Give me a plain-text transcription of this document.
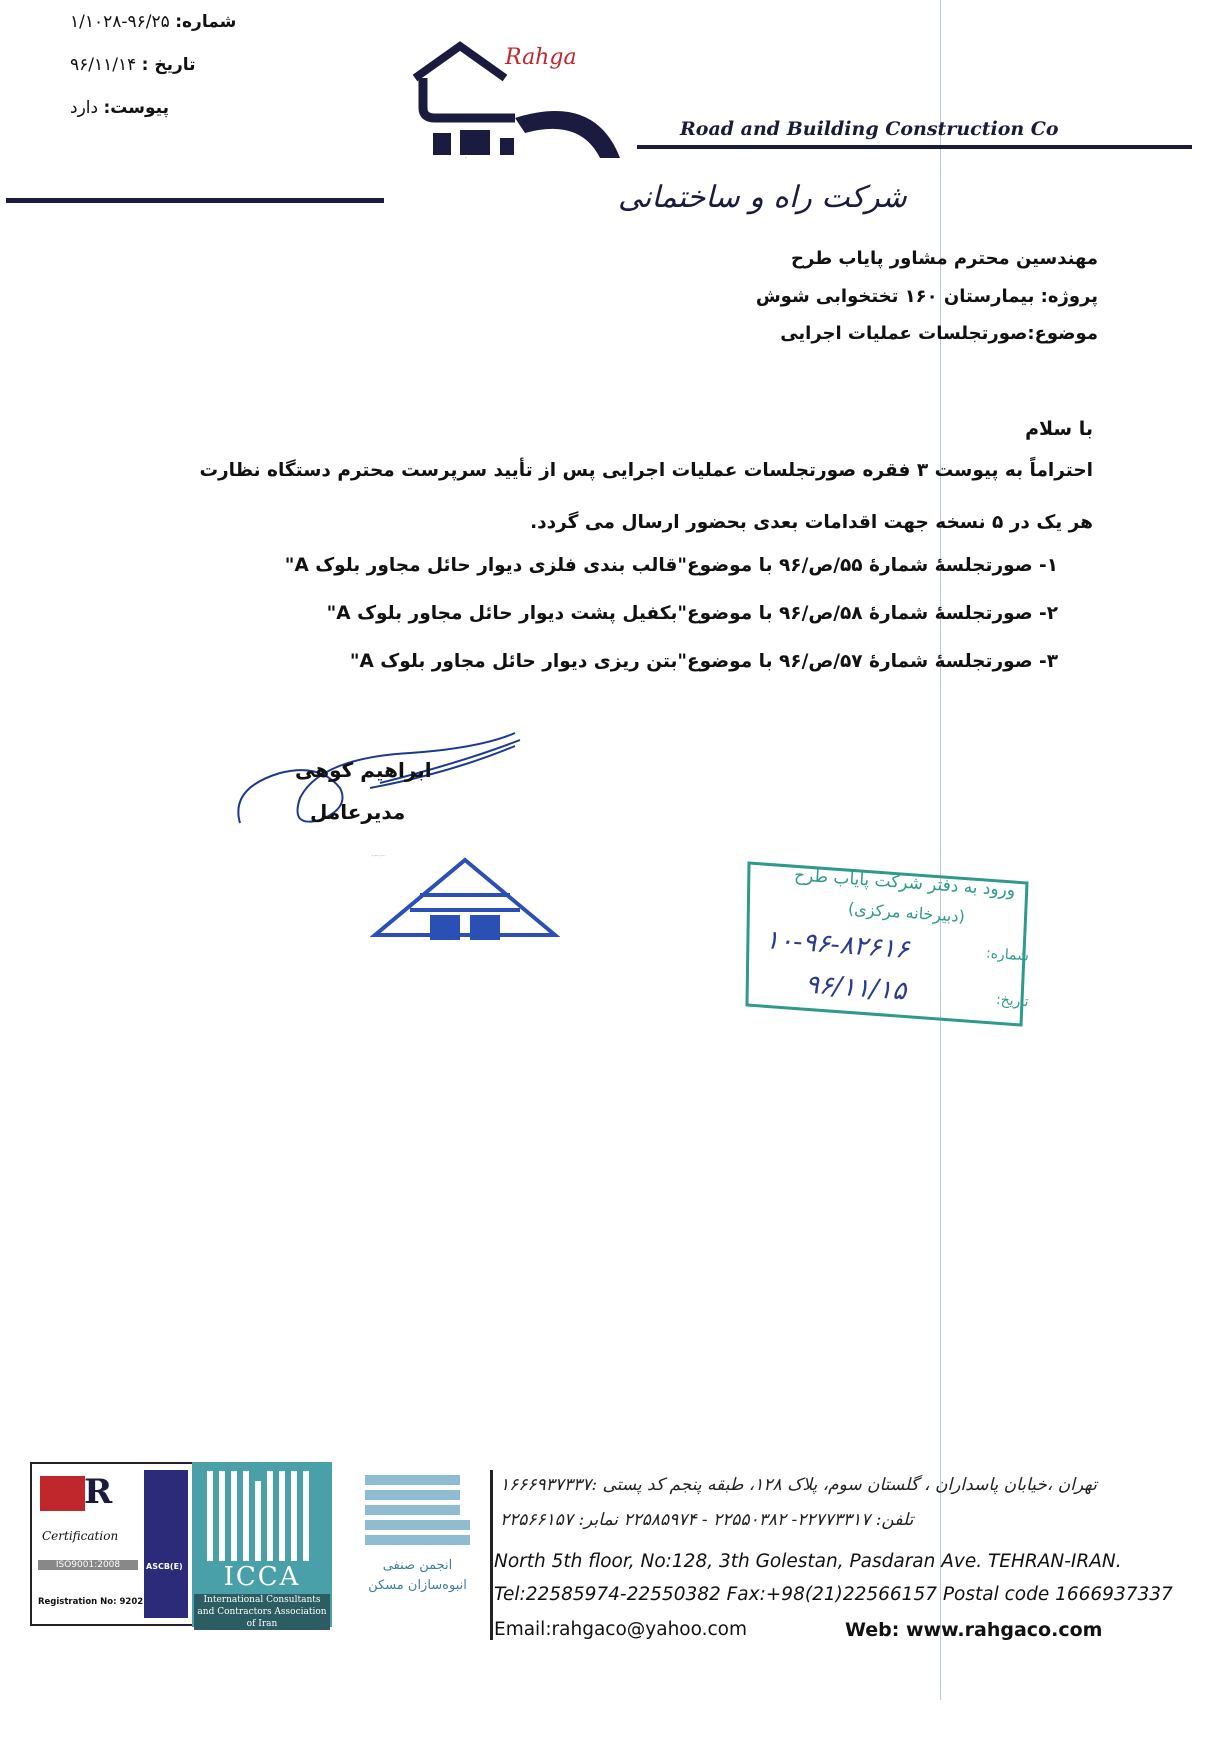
شماره: ۹۶/۲۵-۱/۱۰۲۸
تاریخ : ۹۶/۱۱/۱۴
پیوست: دارد
رهگا
Rahga
Road and Building Construction Co
شرکت راه و ساختمانی
مهندسین محترم مشاور پایاب طرح
پروژه: بیمارستان ۱۶۰ تختخوابی شوش
موضوع:صورتجلسات عملیات اجرایی
با سلام
احتراماً به پیوست ۳ فقره صورتجلسات عملیات اجرایی پس از تأیید سرپرست محترم دستگاه نظارت
هر یک در ۵ نسخه جهت اقدامات بعدی بحضور ارسال می گردد.
۱- صورتجلسهٔ شمارهٔ ۵۵/ص/۹۶ با موضوع"قالب بندی فلزی دیوار حائل مجاور بلوک A"
۲- صورتجلسهٔ شمارهٔ ۵۸/ص/۹۶ با موضوع"بکفیل پشت دیوار حائل مجاور بلوک A"
۳- صورتجلسهٔ شمارهٔ ۵۷/ص/۹۶ با موضوع"بتن ریزی دیوار حائل مجاور بلوک A"
ابراهیم کوهی
مدیرعامل
شرکت مهندسی رهگا سهامی خاص
ورود به دفتر شرکت پایاب طرح
(دبیرخانه مرکزی)
شماره:
۱۰-۹۶-۸۲۶۱۶
تاریخ:
۹۶/۱۱/۱۵
R
Certification
ISO9001:2008
Registration No: 9202
ASCB(E)	ICCA
International Consultants and Contractors Association of Iran
انجمن صنفی
انبوه‌سازان مسکن
تهران ،خیابان پاسداران ، گلستان سوم، پلاک ۱۲۸، طبقه پنجم کد پستی :۱۶۶۶۹۳۷۳۳۷
تلفن: ۲۲۷۷۳۳۱۷- ۲۲۵۵۰۳۸۲ - ۲۲۵۸۵۹۷۴ نمابر: ۲۲۵۶۶۱۵۷
North 5th floor, No:128, 3th Golestan, Pasdaran Ave. TEHRAN-IRAN.
Tel:22585974-22550382 Fax:+98(21)22566157 Postal code 1666937337
Email:rahgaco@yahoo.com	Web: www.rahgaco.com
